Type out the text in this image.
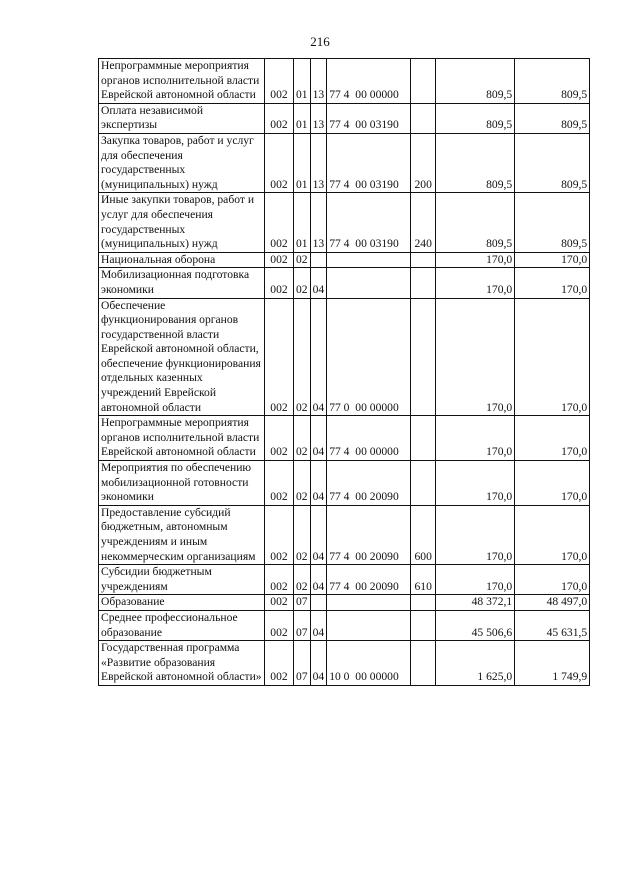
216
Непрограммные мероприятия органов исполнительной власти Еврейской автономной области	002	01	13	77 4  00 00000		809,5	809,5
Оплата независимой экспертизы	002	01	13	77 4  00 03190		809,5	809,5
Закупка товаров, работ и услуг для обеспечения государственных (муниципальных) нужд	002	01	13	77 4  00 03190	200	809,5	809,5
Иные закупки товаров, работ и услуг для обеспечения государственных (муниципальных) нужд	002	01	13	77 4  00 03190	240	809,5	809,5
Национальная оборона	002	02				170,0	170,0
Мобилизационная подготовка экономики	002	02	04			170,0	170,0
Обеспечение функционирования органов государственной власти Еврейской автономной области, обеспечение функционирования отдельных казенных учреждений Еврейской автономной области	002	02	04	77 0  00 00000		170,0	170,0
Непрограммные мероприятия органов исполнительной власти Еврейской автономной области	002	02	04	77 4  00 00000		170,0	170,0
Мероприятия по обеспечению мобилизационной готовности экономики	002	02	04	77 4  00 20090		170,0	170,0
Предоставление субсидий бюджетным, автономным учреждениям и иным некоммерческим организациям	002	02	04	77 4  00 20090	600	170,0	170,0
Субсидии бюджетным учреждениям	002	02	04	77 4  00 20090	610	170,0	170,0
Образование	002	07				48 372,1	48 497,0
Среднее профессиональное образование	002	07	04			45 506,6	45 631,5
Государственная программа «Развитие образования Еврейской автономной области»	002	07	04	10 0  00 00000		1 625,0	1 749,9
